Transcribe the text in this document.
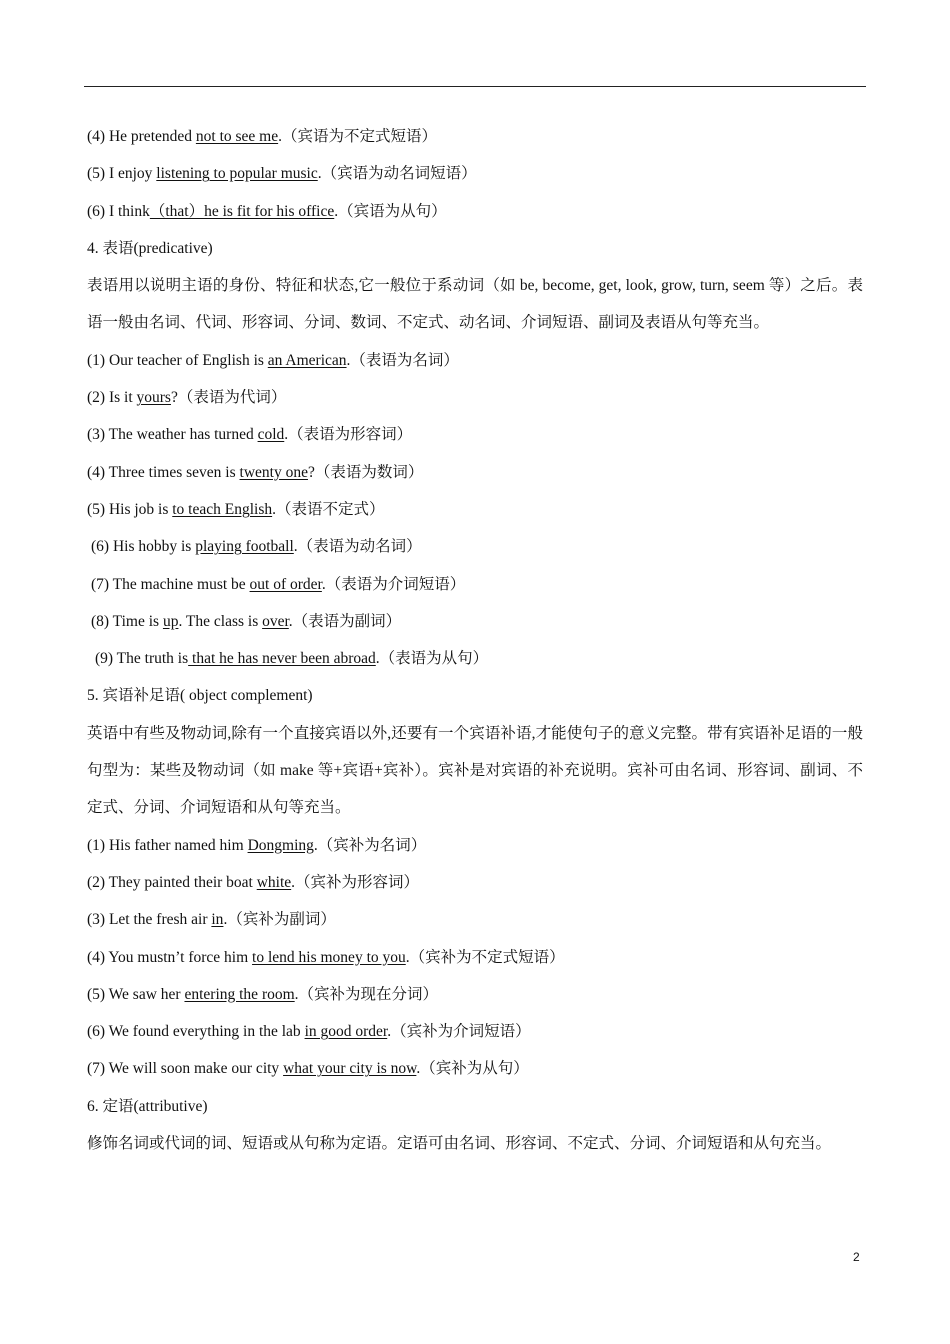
(4) He pretended not to see me.（宾语为不定式短语）
(5) I enjoy listening to popular music.（宾语为动名词短语）
(6) I think（that）he is fit for his office.（宾语为从句）
4. 表语(predicative)
表语用以说明主语的身份、特征和状态,它一般位于系动词（如 be, become, get, look, grow, turn, seem 等）之后。表语一般由名词、代词、形容词、分词、数词、不定式、动名词、介词短语、副词及表语从句等充当。
(1) Our teacher of English is an American.（表语为名词）
(2) Is it yours?（表语为代词）
(3) The weather has turned cold.（表语为形容词）
(4) Three times seven is twenty one?（表语为数词）
(5) His job is to teach English.（表语不定式）
(6) His hobby is playing football.（表语为动名词）
(7) The machine must be out of order.（表语为介词短语）
(8) Time is up. The class is over.（表语为副词）
(9) The truth is that he has never been abroad.（表语为从句）
5. 宾语补足语( object complement)
英语中有些及物动词,除有一个直接宾语以外,还要有一个宾语补语,才能使句子的意义完整。带有宾语补足语的一般句型为：某些及物动词（如 make 等+宾语+宾补）。宾补是对宾语的补充说明。宾补可由名词、形容词、副词、不定式、分词、介词短语和从句等充当。
(1) His father named him Dongming.（宾补为名词）
(2) They painted their boat white.（宾补为形容词）
(3) Let the fresh air in.（宾补为副词）
(4) You mustn’t force him to lend his money to you.（宾补为不定式短语）
(5) We saw her entering the room.（宾补为现在分词）
(6) We found everything in the lab in good order.（宾补为介词短语）
(7) We will soon make our city what your city is now.（宾补为从句）
6. 定语(attributive)
修饰名词或代词的词、短语或从句称为定语。定语可由名词、形容词、不定式、分词、介词短语和从句充当。
2
